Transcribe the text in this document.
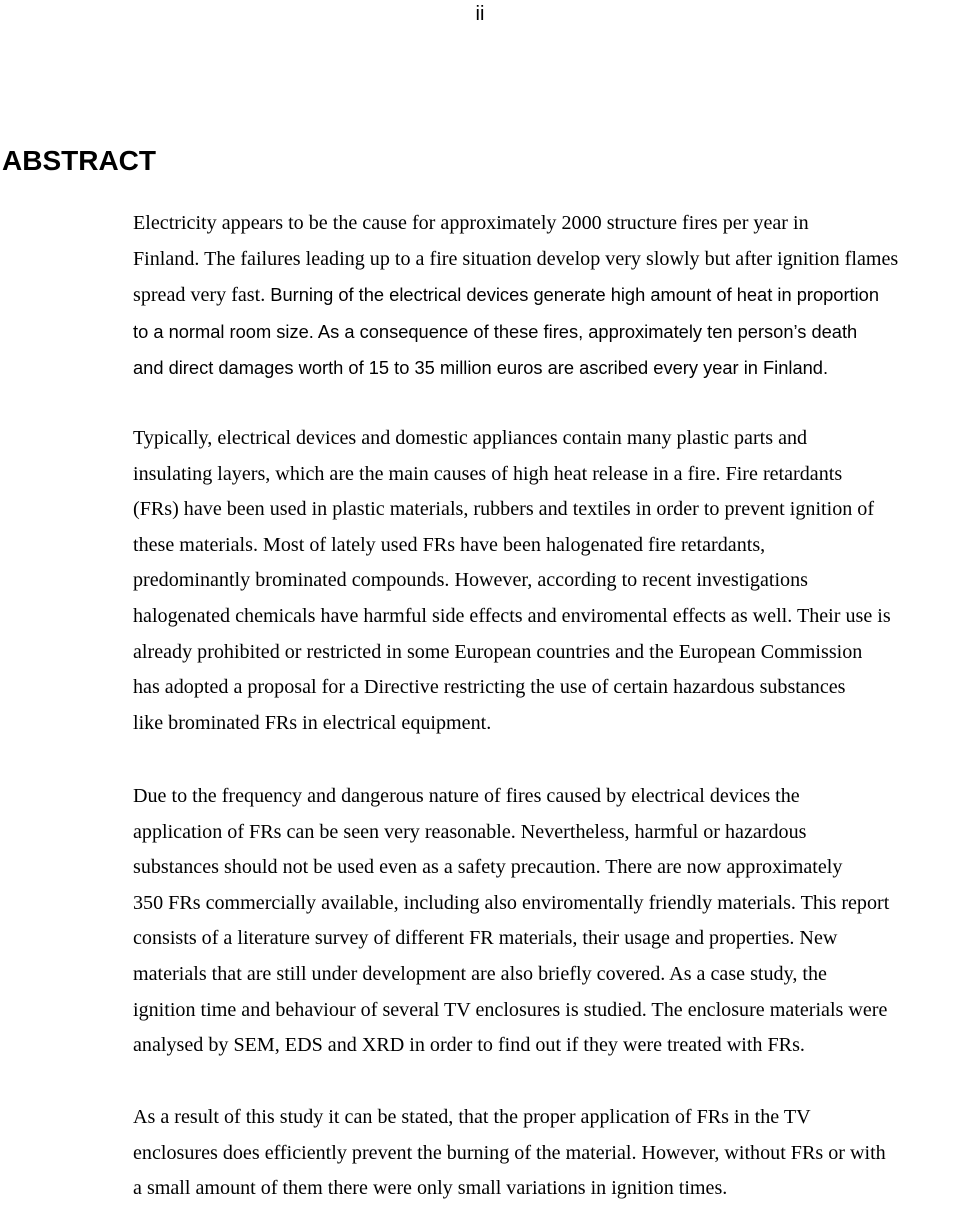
ii

ABSTRACT
Electricity appears to be the cause for approximately 2000 structure fires per year in
Finland. The failures leading up to a fire situation develop very slowly but after ignition flames
spread very fast. Burning of the electrical devices generate high amount of heat in proportion
to a normal room size. As a consequence of these fires, approximately ten person’s death
and direct damages worth of 15 to 35 million euros are ascribed every year in Finland.
Typically, electrical devices and domestic appliances contain many plastic parts and
insulating layers, which are the main causes of high heat release in a fire. Fire retardants
(FRs) have been used in plastic materials, rubbers and textiles in order to prevent ignition of
these materials. Most of lately used FRs have been halogenated fire retardants,
predominantly brominated compounds. However, according to recent investigations
halogenated chemicals have harmful side effects and enviromental effects as well. Their use is
already prohibited or restricted in some European countries and the European Commission
has adopted a proposal for a Directive restricting the use of certain hazardous substances
like brominated FRs in electrical equipment.
Due to the frequency and dangerous nature of fires caused by electrical devices the
application of FRs can be seen very reasonable. Nevertheless, harmful or hazardous
substances should not be used even as a safety precaution. There are now approximately
350 FRs commercially available, including also enviromentally friendly materials. This report
consists of a literature survey of different FR materials, their usage and properties. New
materials that are still under development are also briefly covered. As a case study, the
ignition time and behaviour of several TV enclosures is studied. The enclosure materials were
analysed by SEM, EDS and XRD in order to find out if they were treated with FRs.
As a result of this study it can be stated, that the proper application of FRs in the TV
enclosures does efficiently prevent the burning of the material. However, without FRs or with
a small amount of them there were only small variations in ignition times.
